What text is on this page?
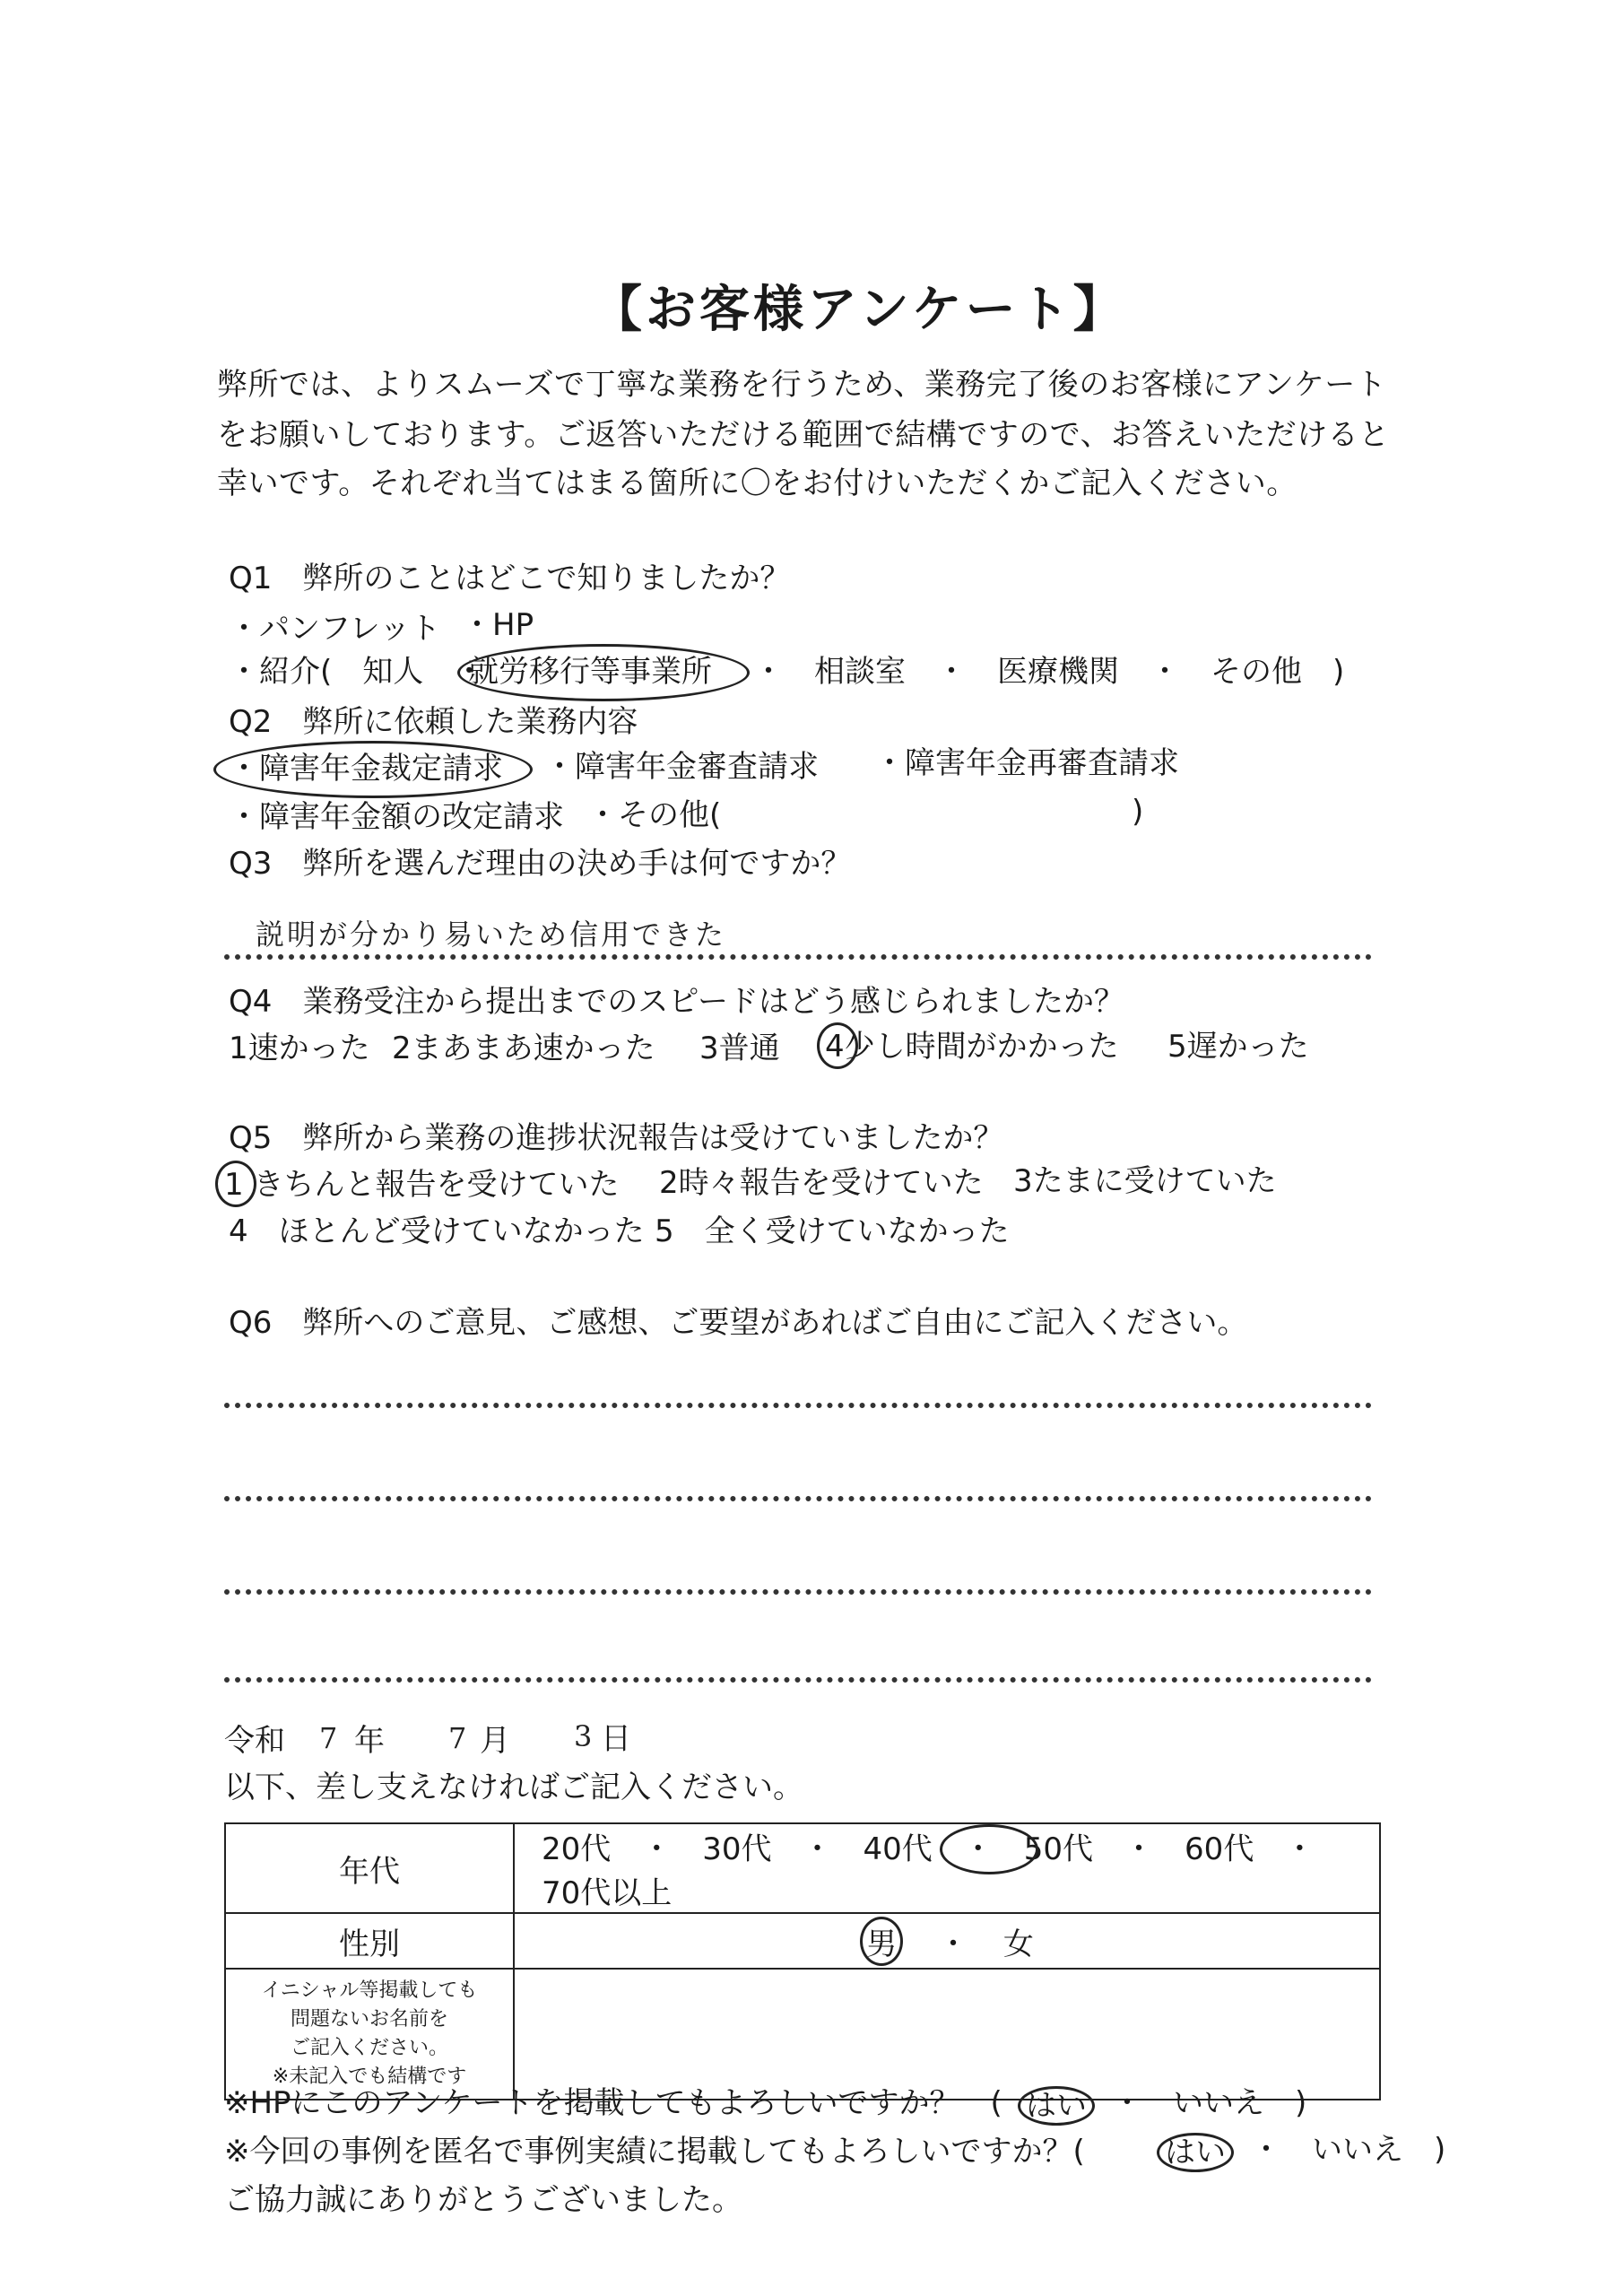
【お客様アンケート】
弊所では、よりスムーズで丁寧な業務を行うため、業務完了後のお客様にアンケート
をお願いしております。ご返答いただける範囲で結構ですので、お答えいただけると
幸いです。それぞれ当てはまる箇所に〇をお付けいただくかご記入ください。
Q1　弊所のことはどこで知りましたか？
・パンフレット ・HP
・紹介(　知人　・
就労移行等事業所 ・　相談室　・　医療機関　・　その他　)
Q2　弊所に依頼した業務内容
・障害年金裁定請求 ・障害年金審査請求 ・障害年金再審査請求
・障害年金額の改定請求 ・その他(	)
Q3　弊所を選んだ理由の決め手は何ですか？
説明が分かり易いため信用できた
Q4　業務受注から提出までのスピードはどう感じられましたか？
1速かった 2まあまあ速かった 3普通 4少し時間がかかった 5遅かった
Q5　弊所から業務の進捗状況報告は受けていましたか？
1 きちんと報告を受けていた 2時々報告を受けていた 3たまに受けていた
4　ほとんど受けていなかった 5　全く受けていなかった
Q6　弊所へのご意見、ご感想、ご要望があればご自由にご記入ください。
令和 7 年 7 月 3 日
以下、差し支えなければご記入ください。
年代	20代　・　30代　・　40代　・　50代　・　60代　・　70代以上
性別	男 ・ 女

イニシャル等掲載しても
問題ないお名前を
ご記入ください。
※未記入でも結構です	

※HPにこのアンケートを掲載してもよろしいですか？　( はい ・　いいえ　)
※今回の事例を匿名で事例実績に掲載してもよろしいですか？(	はい ・　いいえ　)
ご協力誠にありがとうございました。
